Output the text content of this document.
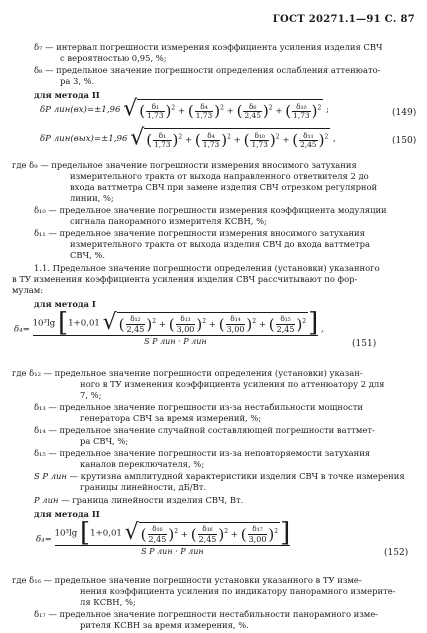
ГОСТ 20271.1—91 С. 87
δ₇ — интервал погрешности измерения коэффициента усиления изделия СВЧ
с вероятностью 0,95, %;
δ₈ — предельное значение погрешности определения ослабления аттенюато-
ра 3, %.
для метода II
δP лин(вх)=±1,96 √ ( $\frac{\text{δ₁}}{1,73} )^2$ + ( $\frac{\text{δ₄}}{1,73} )^2$ + ( $\frac{\text{δ₆}}{2,45} )^2$ + ( $\frac{\text{δ₁₀}}{1,73} )^2$ ;	(149)
δP лин(вых)=±1,96 √ ( $\frac{\text{δ₁}}{1,73} )^2$ + ( $\frac{\text{δ₄}}{1,73} )^2$ + ( $\frac{\text{δ₁₀}}{1,73} )^2$ + ( $\frac{\text{δ₁₁}}{2,45} )^2$ ,	(150)
где δ₉ — предельное значение погрешности измерения вносимого затухания
измерительного тракта от выхода направленного ответвителя 2 до
входа ваттметра СВЧ при замене изделия СВЧ отрезком регулярной
линии, %;
δ₁₀ — предельное значение погрешности измерения коэффициента модуляции
сигнала панорамного измерителя КСВН, %;
δ₁₁ — предельное значение погрешности измерения вносимого затухания
измерительного тракта от выхода изделия СВЧ до входа ваттметра
СВЧ, %.
1.1. Предельное значение погрешности определения (установки) указанного
в ТУ изменения коэффициента усиления изделия СВЧ рассчитывают по фор-
мулам:
для метода I
δ₄=
10³lg [1+0,01 √ ( $\frac{\text{δ₁₂}}{2,45} )^2$ + ( $\frac{\text{δ₁₃}}{3,00} )^2$ + ( $\frac{\text{δ₁₄}}{3,00} )^2$ + ( $\frac{\text{δ₁₅}}{2,45} )^2$]
S P лин · P лин
,
(151)
где δ₁₂ — предельное значение погрешности определения (установки) указан-
ного в ТУ изменения коэффициента усиления по аттенюатору 2 для
7, %;
δ₁₃ — предельное значение погрешности из-за нестабильности мощности
генератора СВЧ за время измерений, %;
δ₁₄ — предельное значение случайной составляющей погрешности ваттмет-
ра СВЧ, %;
δ₁₅ — предельное значение погрешности из-за неповторяемости затухания
каналов переключателя, %;
S P лин — крутизна амплитудной характеристики изделия СВЧ в точке измерения
границы линейности, дБ/Вт.
P лин — граница линейности изделия СВЧ, Вт.
для метода II
δ₄=
10³lg [1+0,01 √ ( $\frac{\text{δ₁₆}}{2,45} )^2$ + ( $\frac{\text{δ₁₆}}{2,45} )^2$ + ( $\frac{\text{δ₁₇}}{3,00} )^2$]
S P лин · P лин	(152)
где δ₁₆ — предельное значение погрешности установки указанного в ТУ изме-
нения коэффициента усиления по индикатору панорамного измерите-
ля КСВН, %;
δ₁₇ — предельное значение погрешности нестабильности панорамного изме-
рителя КСВН за время измерения, %.
